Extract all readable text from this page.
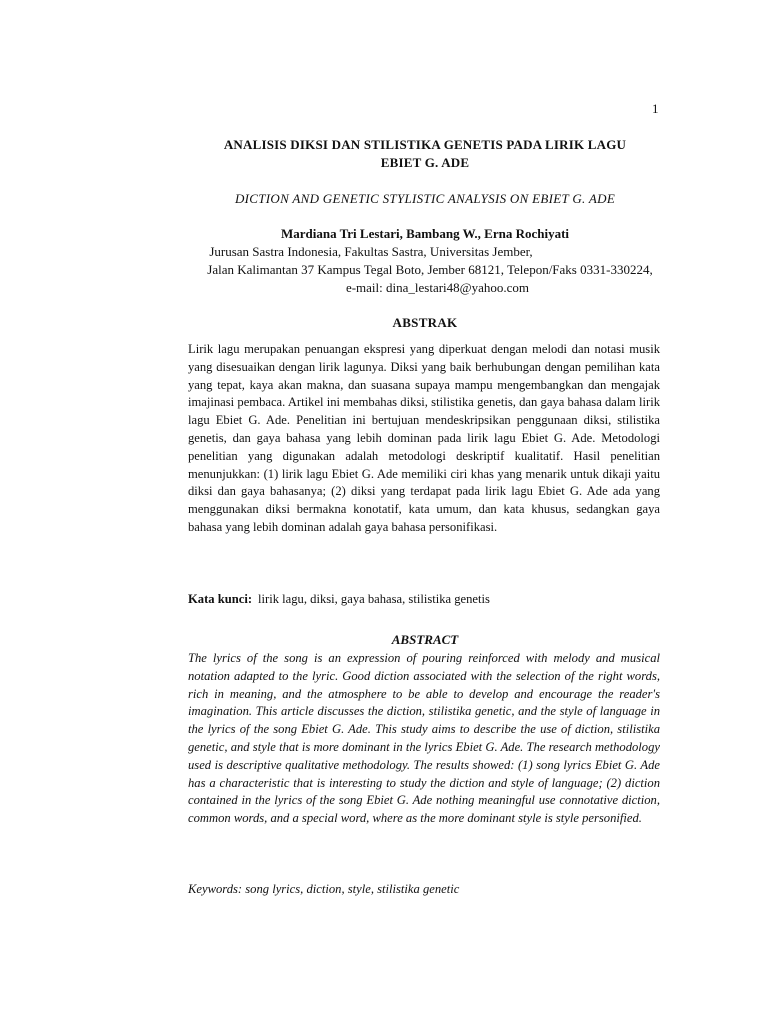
1
ANALISIS DIKSI DAN STILISTIKA GENETIS PADA LIRIK LAGU
EBIET G. ADE

DICTION AND GENETIC STYLISTIC ANALYSIS ON EBIET G. ADE

Mardiana Tri Lestari, Bambang W., Erna Rochiyati

Jurusan Sastra Indonesia, Fakultas Sastra, Universitas Jember,
Jalan Kalimantan 37 Kampus Tegal Boto, Jember 68121, Telepon/Faks 0331-330224,
e-mail: dina_lestari48@yahoo.com

ABSTRAK

Lirik lagu merupakan penuangan ekspresi yang diperkuat dengan melodi dan notasi musik yang disesuaikan dengan lirik lagunya. Diksi yang baik berhubungan dengan pemilihan kata yang tepat, kaya akan makna, dan suasana supaya mampu mengembangkan dan mengajak imajinasi pembaca. Artikel ini membahas diksi, stilistika genetis, dan gaya bahasa dalam lirik lagu Ebiet G. Ade. Penelitian ini bertujuan mendeskripsikan penggunaan diksi, stilistika genetis, dan gaya bahasa yang lebih dominan pada lirik lagu Ebiet G. Ade. Metodologi penelitian yang digunakan adalah metodologi deskriptif kualitatif. Hasil penelitian menunjukkan: (1) lirik lagu Ebiet G. Ade memiliki ciri khas yang menarik untuk dikaji yaitu diksi dan gaya bahasanya; (2) diksi yang terdapat pada lirik lagu Ebiet G. Ade ada yang menggunakan diksi bermakna konotatif, kata umum, dan kata khusus, sedangkan gaya bahasa yang lebih dominan adalah gaya bahasa personifikasi.

Kata kunci: lirik lagu, diksi, gaya bahasa, stilistika genetis

ABSTRACT

The lyrics of the song is an expression of pouring reinforced with melody and musical notation adapted to the lyric. Good diction associated with the selection of the right words, rich in meaning, and the atmosphere to be able to develop and encourage the reader's imagination. This article discusses the diction, stilistika genetic, and the style of language in the lyrics of the song Ebiet G. Ade. This study aims to describe the use of diction, stilistika genetic, and style that is more dominant in the lyrics Ebiet G. Ade. The research methodology used is descriptive qualitative methodology. The results showed: (1) song lyrics Ebiet G. Ade has a characteristic that is interesting to study the diction and style of language; (2) diction contained in the lyrics of the song Ebiet G. Ade nothing meaningful use connotative diction, common words, and a special word, where as the more dominant style is style personified.

Keywords: song lyrics, diction, style, stilistika genetic
